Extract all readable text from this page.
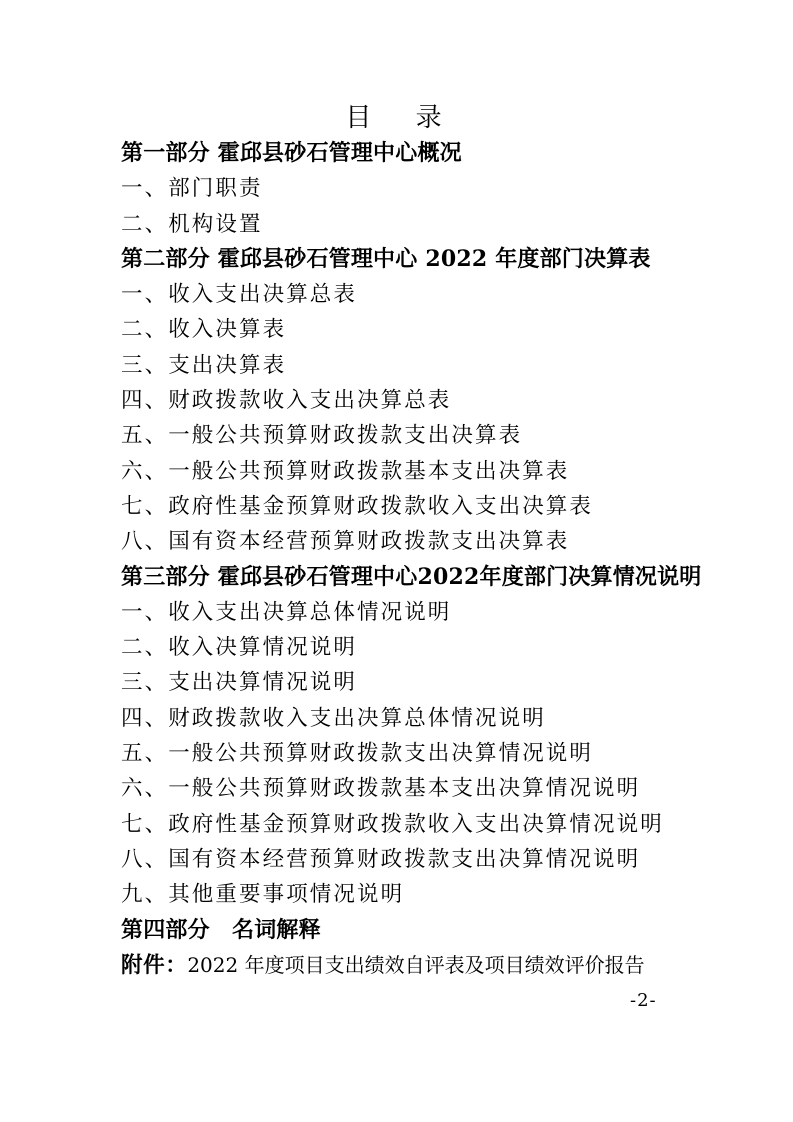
目 录
第一部分 霍邱县砂石管理中心概况
一、部门职责
二、机构设置
第二部分 霍邱县砂石管理中心 2022 年度部门决算表
一、收入支出决算总表
二、收入决算表
三、支出决算表
四、财政拨款收入支出决算总表
五、一般公共预算财政拨款支出决算表
六、一般公共预算财政拨款基本支出决算表
七、政府性基金预算财政拨款收入支出决算表
八、国有资本经营预算财政拨款支出决算表
第三部分 霍邱县砂石管理中心2022年度部门决算情况说明
一、收入支出决算总体情况说明
二、收入决算情况说明
三、支出决算情况说明
四、财政拨款收入支出决算总体情况说明
五、一般公共预算财政拨款支出决算情况说明
六、一般公共预算财政拨款基本支出决算情况说明
七、政府性基金预算财政拨款收入支出决算情况说明
八、国有资本经营预算财政拨款支出决算情况说明
九、其他重要事项情况说明
第四部分　名词解释
附件：2022 年度项目支出绩效自评表及项目绩效评价报告
-2-
